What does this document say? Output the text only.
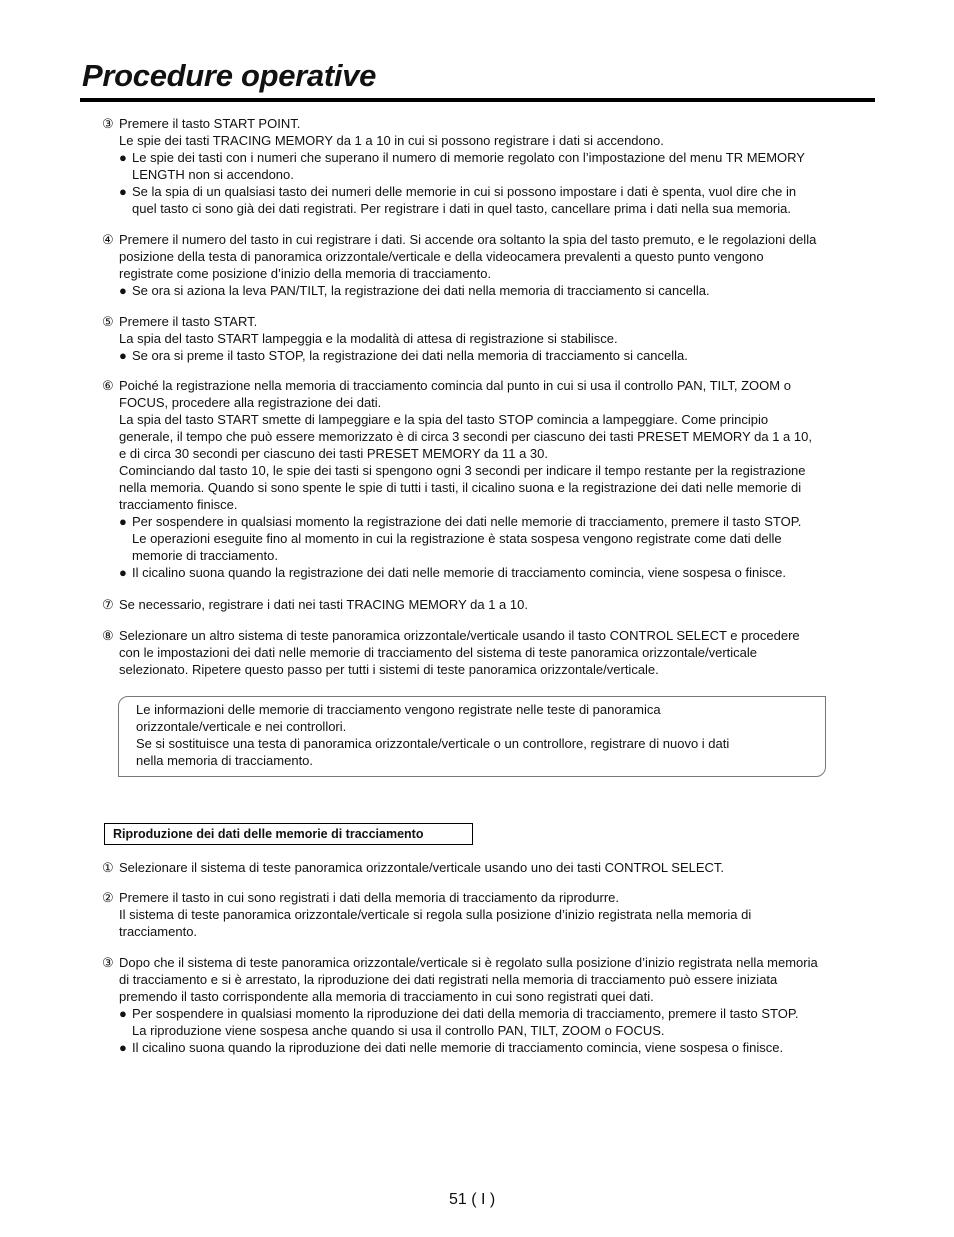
Procedure operative
③ Premere il tasto START POINT.
Le spie dei tasti TRACING MEMORY da 1 a 10 in cui si possono registrare i dati si accendono.
● Le spie dei tasti con i numeri che superano il numero di memorie regolato con l’impostazione del menu TR MEMORY
LENGTH non si accendono.
● Se la spia di un qualsiasi tasto dei numeri delle memorie in cui si possono impostare i dati è spenta, vuol dire che in
quel tasto ci sono già dei dati registrati. Per registrare i dati in quel tasto, cancellare prima i dati nella sua memoria.
④ Premere il numero del tasto in cui registrare i dati. Si accende ora soltanto la spia del tasto premuto, e le regolazioni della
posizione della testa di panoramica orizzontale/verticale e della videocamera prevalenti a questo punto vengono
registrate come posizione d’inizio della memoria di tracciamento.
● Se ora si aziona la leva PAN/TILT, la registrazione dei dati nella memoria di tracciamento si cancella.
⑤ Premere il tasto START.
La spia del tasto START lampeggia e la modalità di attesa di registrazione si stabilisce.
● Se ora si preme il tasto STOP, la registrazione dei dati nella memoria di tracciamento si cancella.
⑥ Poiché la registrazione nella memoria di tracciamento comincia dal punto in cui si usa il controllo PAN, TILT, ZOOM o
FOCUS, procedere alla registrazione dei dati.
La spia del tasto START smette di lampeggiare e la spia del tasto STOP comincia a lampeggiare. Come principio
generale, il tempo che può essere memorizzato è di circa 3 secondi per ciascuno dei tasti PRESET MEMORY da 1 a 10,
e di circa 30 secondi per ciascuno dei tasti PRESET MEMORY da 11 a 30.
Cominciando dal tasto 10, le spie dei tasti si spengono ogni 3 secondi per indicare il tempo restante per la registrazione
nella memoria. Quando si sono spente le spie di tutti i tasti, il cicalino suona e la registrazione dei dati nelle memorie di
tracciamento finisce.
● Per sospendere in qualsiasi momento la registrazione dei dati nelle memorie di tracciamento, premere il tasto STOP.
Le operazioni eseguite fino al momento in cui la registrazione è stata sospesa vengono registrate come dati delle
memorie di tracciamento.
● Il cicalino suona quando la registrazione dei dati nelle memorie di tracciamento comincia, viene sospesa o finisce.
⑦ Se necessario, registrare i dati nei tasti TRACING MEMORY da 1 a 10.
⑧ Selezionare un altro sistema di teste panoramica orizzontale/verticale usando il tasto CONTROL SELECT e procedere
con le impostazioni dei dati nelle memorie di tracciamento del sistema di teste panoramica orizzontale/verticale
selezionato. Ripetere questo passo per tutti i sistemi di teste panoramica orizzontale/verticale.
Le informazioni delle memorie di tracciamento vengono registrate nelle teste di panoramica
orizzontale/verticale e nei controllori.
Se si sostituisce una testa di panoramica orizzontale/verticale o un controllore, registrare di nuovo i dati
nella memoria di tracciamento.
Riproduzione dei dati delle memorie di tracciamento
① Selezionare il sistema di teste panoramica orizzontale/verticale usando uno dei tasti CONTROL SELECT.
② Premere il tasto in cui sono registrati i dati della memoria di tracciamento da riprodurre.
Il sistema di teste panoramica orizzontale/verticale si regola sulla posizione d’inizio registrata nella memoria di
tracciamento.
③ Dopo che il sistema di teste panoramica orizzontale/verticale si è regolato sulla posizione d’inizio registrata nella memoria
di tracciamento e si è arrestato, la riproduzione dei dati registrati nella memoria di tracciamento può essere iniziata
premendo il tasto corrispondente alla memoria di tracciamento in cui sono registrati quei dati.
● Per sospendere in qualsiasi momento la riproduzione dei dati della memoria di tracciamento, premere il tasto STOP.
La riproduzione viene sospesa anche quando si usa il controllo PAN, TILT, ZOOM o FOCUS.
● Il cicalino suona quando la riproduzione dei dati nelle memorie di tracciamento comincia, viene sospesa o finisce.
51 ( I )
